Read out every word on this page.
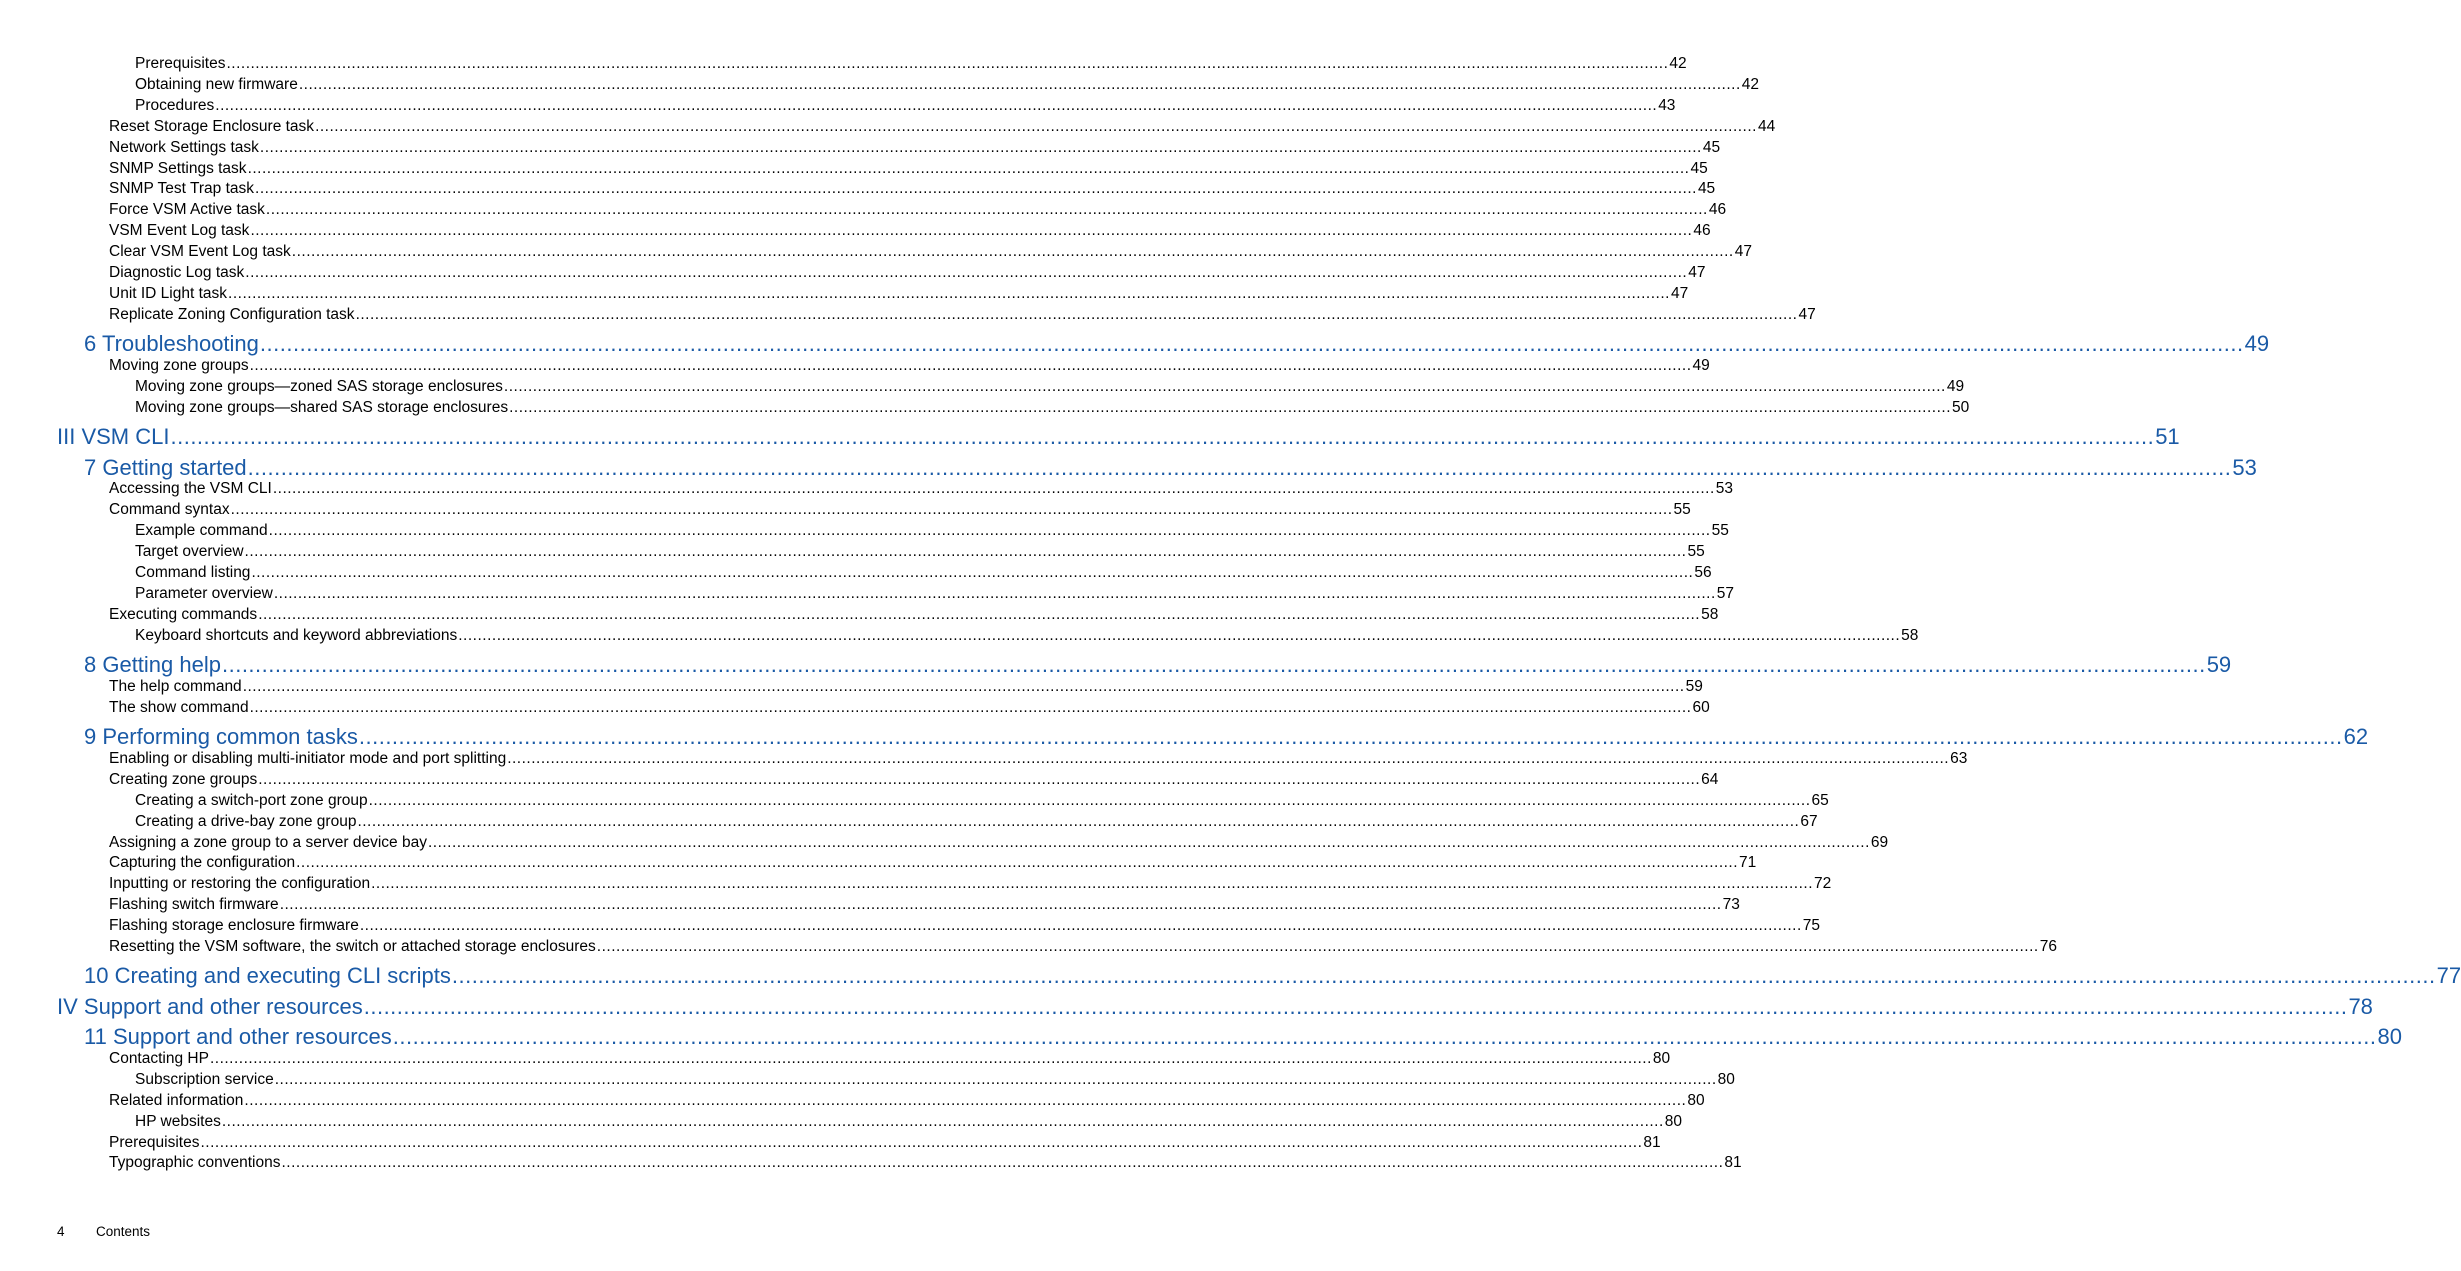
Prerequisites ............................................................................................................................................................................................................................................................................................................ 42
Obtaining new firmware ............................................................................................................................................................................................................................................................................................................ 42
Procedures ............................................................................................................................................................................................................................................................................................................ 43
Reset Storage Enclosure task ............................................................................................................................................................................................................................................................................................................ 44
Network Settings task ............................................................................................................................................................................................................................................................................................................ 45
SNMP Settings task ............................................................................................................................................................................................................................................................................................................ 45
SNMP Test Trap task ............................................................................................................................................................................................................................................................................................................ 45
Force VSM Active task ............................................................................................................................................................................................................................................................................................................ 46
VSM Event Log task ............................................................................................................................................................................................................................................................................................................ 46
Clear VSM Event Log task ............................................................................................................................................................................................................................................................................................................ 47
Diagnostic Log task ............................................................................................................................................................................................................................................................................................................ 47
Unit ID Light task ............................................................................................................................................................................................................................................................................................................ 47
Replicate Zoning Configuration task ............................................................................................................................................................................................................................................................................................................ 47
6 Troubleshooting ............................................................................................................................................................................................................................................................................................................ 49
Moving zone groups ............................................................................................................................................................................................................................................................................................................ 49
Moving zone groups—zoned SAS storage enclosures ............................................................................................................................................................................................................................................................................................................ 49
Moving zone groups—shared SAS storage enclosures ............................................................................................................................................................................................................................................................................................................ 50
III VSM CLI ............................................................................................................................................................................................................................................................................................................ 51
7 Getting started ............................................................................................................................................................................................................................................................................................................ 53
Accessing the VSM CLI ............................................................................................................................................................................................................................................................................................................ 53
Command syntax ............................................................................................................................................................................................................................................................................................................ 55
Example command ............................................................................................................................................................................................................................................................................................................ 55
Target overview ............................................................................................................................................................................................................................................................................................................ 55
Command listing ............................................................................................................................................................................................................................................................................................................ 56
Parameter overview ............................................................................................................................................................................................................................................................................................................ 57
Executing commands ............................................................................................................................................................................................................................................................................................................ 58
Keyboard shortcuts and keyword abbreviations ............................................................................................................................................................................................................................................................................................................ 58
8 Getting help ............................................................................................................................................................................................................................................................................................................ 59
The help command ............................................................................................................................................................................................................................................................................................................ 59
The show command ............................................................................................................................................................................................................................................................................................................ 60
9 Performing common tasks ............................................................................................................................................................................................................................................................................................................ 62
Enabling or disabling multi-initiator mode and port splitting ............................................................................................................................................................................................................................................................................................................ 63
Creating zone groups ............................................................................................................................................................................................................................................................................................................ 64
Creating a switch-port zone group ............................................................................................................................................................................................................................................................................................................ 65
Creating a drive-bay zone group ............................................................................................................................................................................................................................................................................................................ 67
Assigning a zone group to a server device bay ............................................................................................................................................................................................................................................................................................................ 69
Capturing the configuration ............................................................................................................................................................................................................................................................................................................ 71
Inputting or restoring the configuration ............................................................................................................................................................................................................................................................................................................ 72
Flashing switch firmware ............................................................................................................................................................................................................................................................................................................ 73
Flashing storage enclosure firmware ............................................................................................................................................................................................................................................................................................................ 75
Resetting the VSM software, the switch or attached storage enclosures ............................................................................................................................................................................................................................................................................................................ 76
10 Creating and executing CLI scripts ............................................................................................................................................................................................................................................................................................................ 77
IV Support and other resources ............................................................................................................................................................................................................................................................................................................ 78
11 Support and other resources ............................................................................................................................................................................................................................................................................................................ 80
Contacting HP ............................................................................................................................................................................................................................................................................................................ 80
Subscription service ............................................................................................................................................................................................................................................................................................................ 80
Related information ............................................................................................................................................................................................................................................................................................................ 80
HP websites ............................................................................................................................................................................................................................................................................................................ 80
Prerequisites ............................................................................................................................................................................................................................................................................................................ 81
Typographic conventions ............................................................................................................................................................................................................................................................................................................ 81
4 Contents
